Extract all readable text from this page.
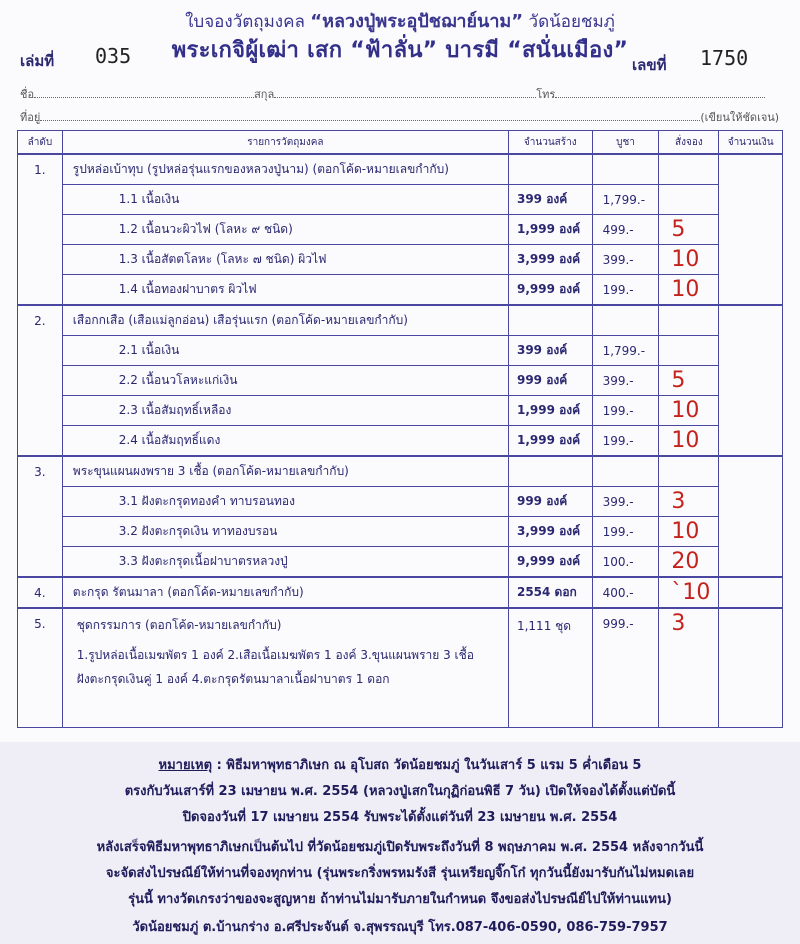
ใบจองวัตถุมงคล “หลวงปู่พระอุปัชฌาย์นาม” วัดน้อยชมภู่
พระเกจิผู้เฒ่า เสก “ฟ้าลั่น” บารมี “สนั่นเมือง”
เล่มที่ 035	เลขที่ 1750
ชื่อ	สกุล	โทร
ที่อยู่	(เขียนให้ชัดเจน)
ลำดับ	รายการวัตถุมงคล	จำนวนสร้าง	บูชา	สั่งจอง	จำนวนเงิน
1.	รูปหล่อเบ้าทุบ (รูปหล่อรุ่นแรกของหลวงปู่นาม) (ตอกโค้ด-หมายเลขกำกับ)				
	1.1 เนื้อเงิน	399 องค์	1,799.-		
	1.2 เนื้อนวะผิวไฟ (โลหะ ๙ ชนิด)	1,999 องค์	499.-	5	
	1.3 เนื้อสัตตโลหะ (โลหะ ๗ ชนิด) ผิวไฟ	3,999 องค์	399.-	10	
	1.4 เนื้อทองฝาบาตร ผิวไฟ	9,999 องค์	199.-	10	
2.	เสือกกเสือ (เสือแม่ลูกอ่อน) เสือรุ่นแรก (ตอกโค้ด-หมายเลขกำกับ)				
	2.1 เนื้อเงิน	399 องค์	1,799.-		
	2.2 เนื้อนวโลหะแก่เงิน	999 องค์	399.-	5	
	2.3 เนื้อสัมฤทธิ์เหลือง	1,999 องค์	199.-	10	
	2.4 เนื้อสัมฤทธิ์แดง	1,999 องค์	199.-	10	
3.	พระขุนแผนผงพราย 3 เชื้อ (ตอกโค้ด-หมายเลขกำกับ)				
	3.1 ฝังตะกรุดทองคำ ทาบรอนทอง	999 องค์	399.-	3	
	3.2 ฝังตะกรุดเงิน ทาทองบรอน	3,999 องค์	199.-	10	
	3.3 ฝังตะกรุดเนื้อฝาบาตรหลวงปู่	9,999 องค์	100.-	20	
4.	ตะกรุด รัตนมาลา (ตอกโค้ด-หมายเลขกำกับ)	2554 ดอก	400.-	`10	
5.	ชุดกรรมการ (ตอกโค้ด-หมายเลขกำกับ)
1.รูปหล่อเนื้อเมฆพัตร 1 องค์ 2.เสือเนื้อเมฆพัตร 1 องค์ 3.ขุนแผนพราย 3 เชื้อ
ฝังตะกรุดเงินคู่ 1 องค์ 4.ตะกรุดรัตนมาลาเนื้อฝาบาตร 1 ดอก	1,111 ชุด	999.-	3	
หมายเหตุ : พิธีมหาพุทธาภิเษก ณ อุโบสถ วัดน้อยชมภู่ ในวันเสาร์ 5 แรม 5 ค่ำเดือน 5
ตรงกับวันเสาร์ที่ 23 เมษายน พ.ศ. 2554 (หลวงปู่เสกในกุฏิก่อนพิธี 7 วัน) เปิดให้จองได้ตั้งแต่บัดนี้
ปิดจองวันที่ 17 เมษายน 2554 รับพระได้ตั้งแต่วันที่ 23 เมษายน พ.ศ. 2554
หลังเสร็จพิธีมหาพุทธาภิเษกเป็นต้นไป ที่วัดน้อยชมภู่เปิดรับพระถึงวันที่ 8 พฤษภาคม พ.ศ. 2554 หลังจากวันนี้
จะจัดส่งไปรษณีย์ให้ท่านที่จองทุกท่าน (รุ่นพระกริ่งพรหมรังสี รุ่นเหรียญจิ๊กโก๋ ทุกวันนี้ยังมารับกันไม่หมดเลย
รุ่นนี้ ทางวัดเกรงว่าของจะสูญหาย ถ้าท่านไม่มารับภายในกำหนด จึงขอส่งไปรษณีย์ไปให้ท่านแทน)
วัดน้อยชมภู่ ต.บ้านกร่าง อ.ศรีประจันต์ จ.สุพรรณบุรี โทร.087-406-0590, 086-759-7957
